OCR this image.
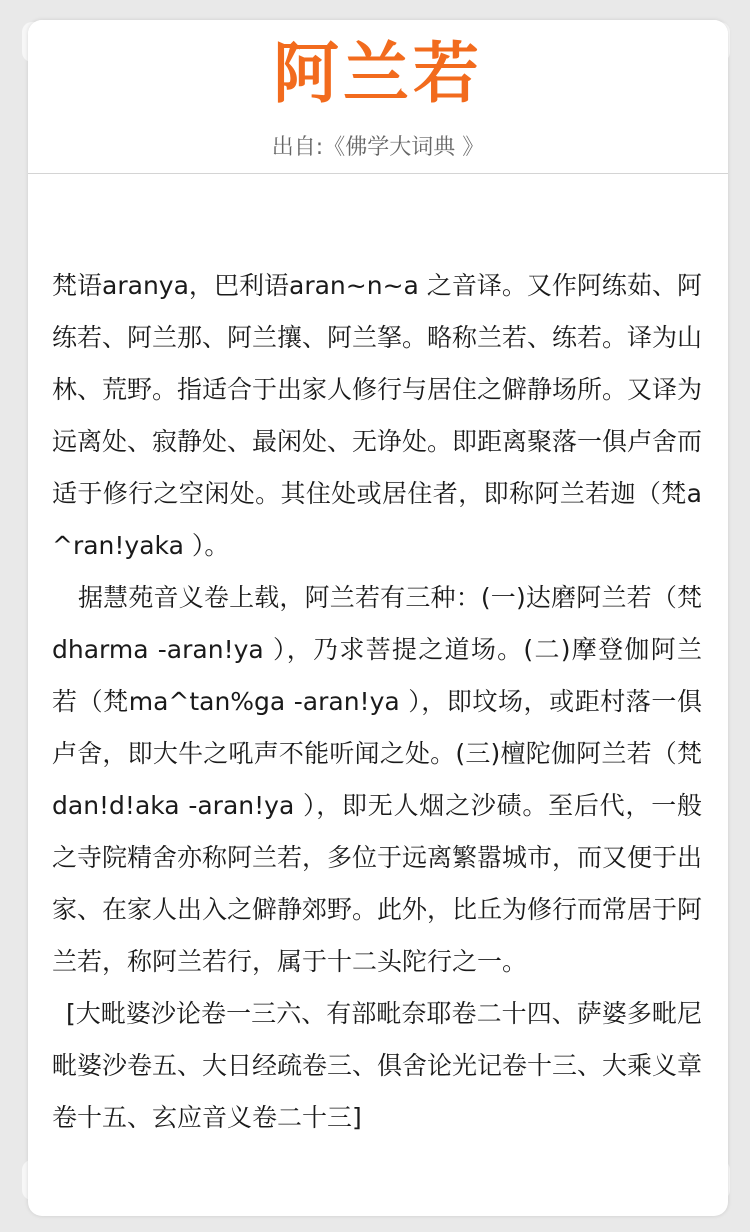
阿兰若
出自:《佛学大词典 》

梵语aranya，巴利语aran~n~a 之音译。又作阿练茹、阿练若、阿兰那、阿兰攘、阿兰拏。略称兰若、练若。译为山林、荒野。指适合于出家人修行与居住之僻静场所。又译为远离处、寂静处、最闲处、无诤处。即距离聚落一俱卢舍而适于修行之空闲处。其住处或居住者，即称阿兰若迦（梵a^ran!yaka ）。

据慧苑音义卷上载，阿兰若有三种：(一)达磨阿兰若（梵dharma -aran!ya ），乃求菩提之道场。(二)摩登伽阿兰若（梵ma^tan%ga -aran!ya ），即坟场，或距村落一俱卢舍，即大牛之吼声不能听闻之处。(三)檀陀伽阿兰若（梵dan!d!aka -aran!ya ），即无人烟之沙碛。至后代，一般之寺院精舍亦称阿兰若，多位于远离繁嚣城市，而又便于出家、在家人出入之僻静郊野。此外，比丘为修行而常居于阿兰若，称阿兰若行，属于十二头陀行之一。

[大毗婆沙论卷一三六、有部毗奈耶卷二十四、萨婆多毗尼毗婆沙卷五、大日经疏卷三、俱舍论光记卷十三、大乘义章卷十五、玄应音义卷二十三]
